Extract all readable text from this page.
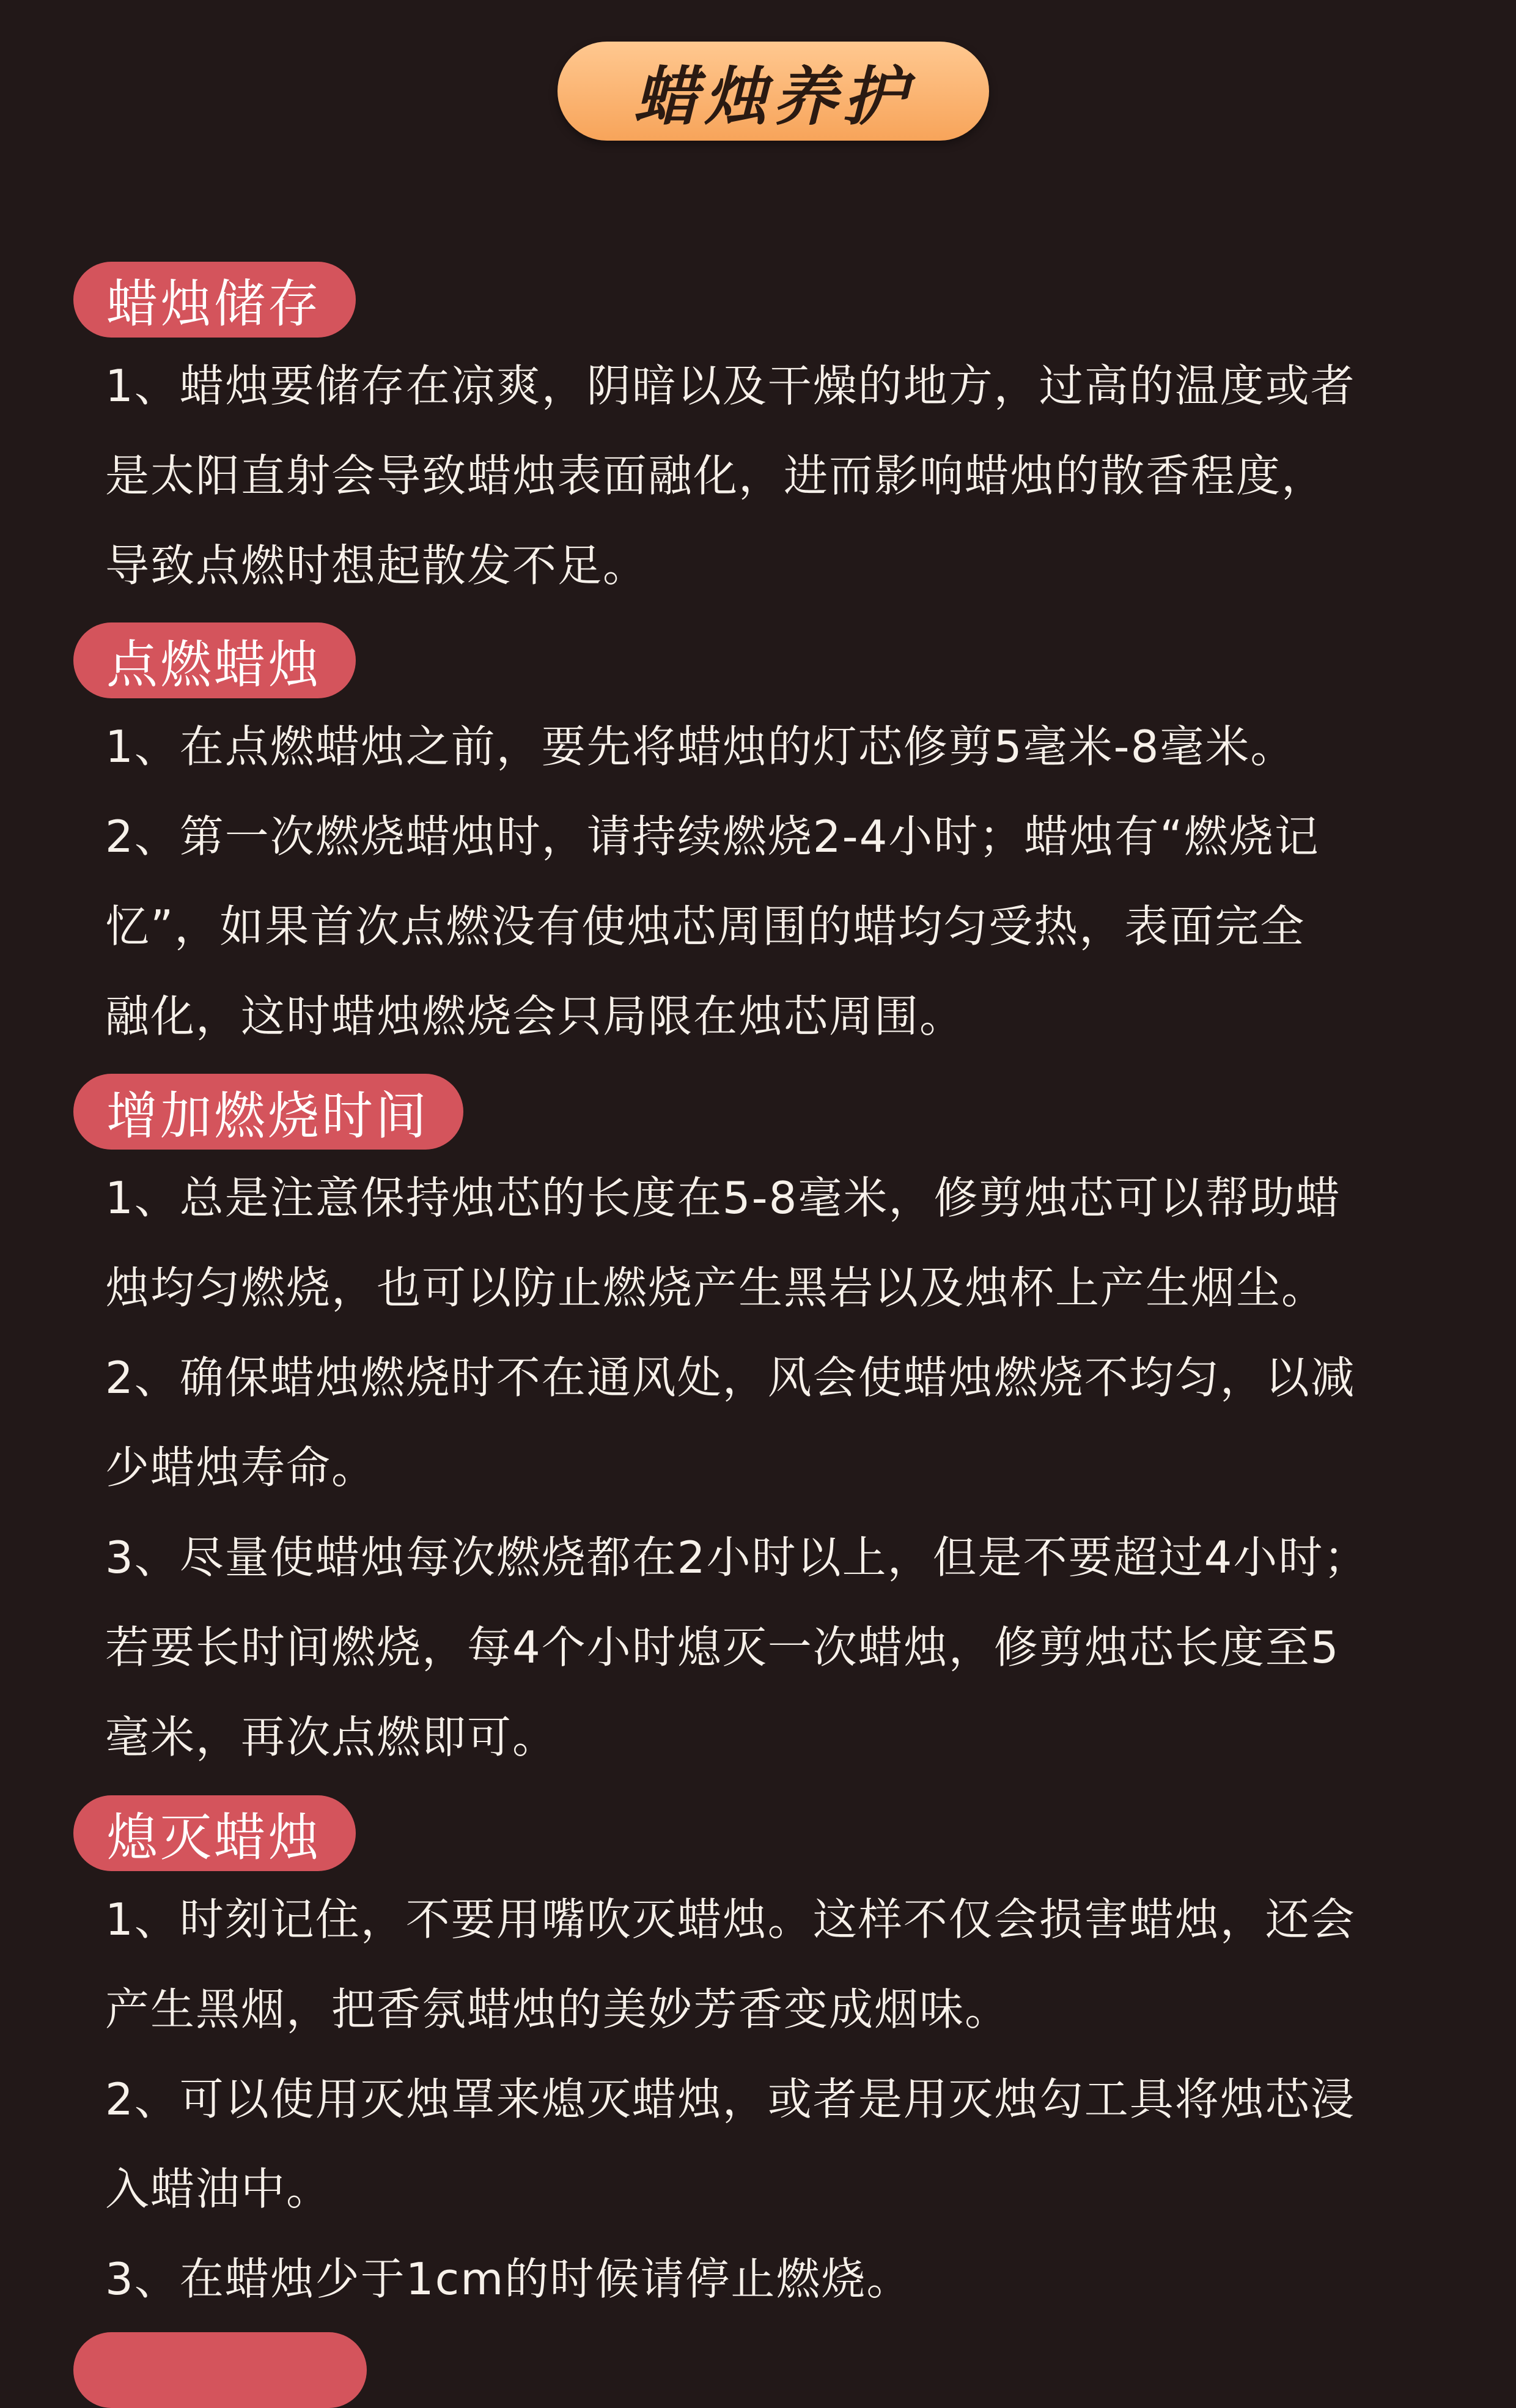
蜡烛养护
蜡烛储存
1、蜡烛要储存在凉爽，阴暗以及干燥的地方，过高的温度或者
是太阳直射会导致蜡烛表面融化，进而影响蜡烛的散香程度，
导致点燃时想起散发不足。
点燃蜡烛
1、在点燃蜡烛之前，要先将蜡烛的灯芯修剪5毫米-8毫米。
2、第一次燃烧蜡烛时，请持续燃烧2-4小时；蜡烛有“燃烧记
忆”，如果首次点燃没有使烛芯周围的蜡均匀受热，表面完全
融化，这时蜡烛燃烧会只局限在烛芯周围。
增加燃烧时间
1、总是注意保持烛芯的长度在5-8毫米，修剪烛芯可以帮助蜡
烛均匀燃烧，也可以防止燃烧产生黑岩以及烛杯上产生烟尘。
2、确保蜡烛燃烧时不在通风处，风会使蜡烛燃烧不均匀，以减
少蜡烛寿命。
3、尽量使蜡烛每次燃烧都在2小时以上，但是不要超过4小时；
若要长时间燃烧，每4个小时熄灭一次蜡烛，修剪烛芯长度至5
毫米，再次点燃即可。
熄灭蜡烛
1、时刻记住，不要用嘴吹灭蜡烛。这样不仅会损害蜡烛，还会
产生黑烟，把香氛蜡烛的美妙芳香变成烟味。
2、可以使用灭烛罩来熄灭蜡烛，或者是用灭烛勾工具将烛芯浸
入蜡油中。
3、在蜡烛少于1cm的时候请停止燃烧。
